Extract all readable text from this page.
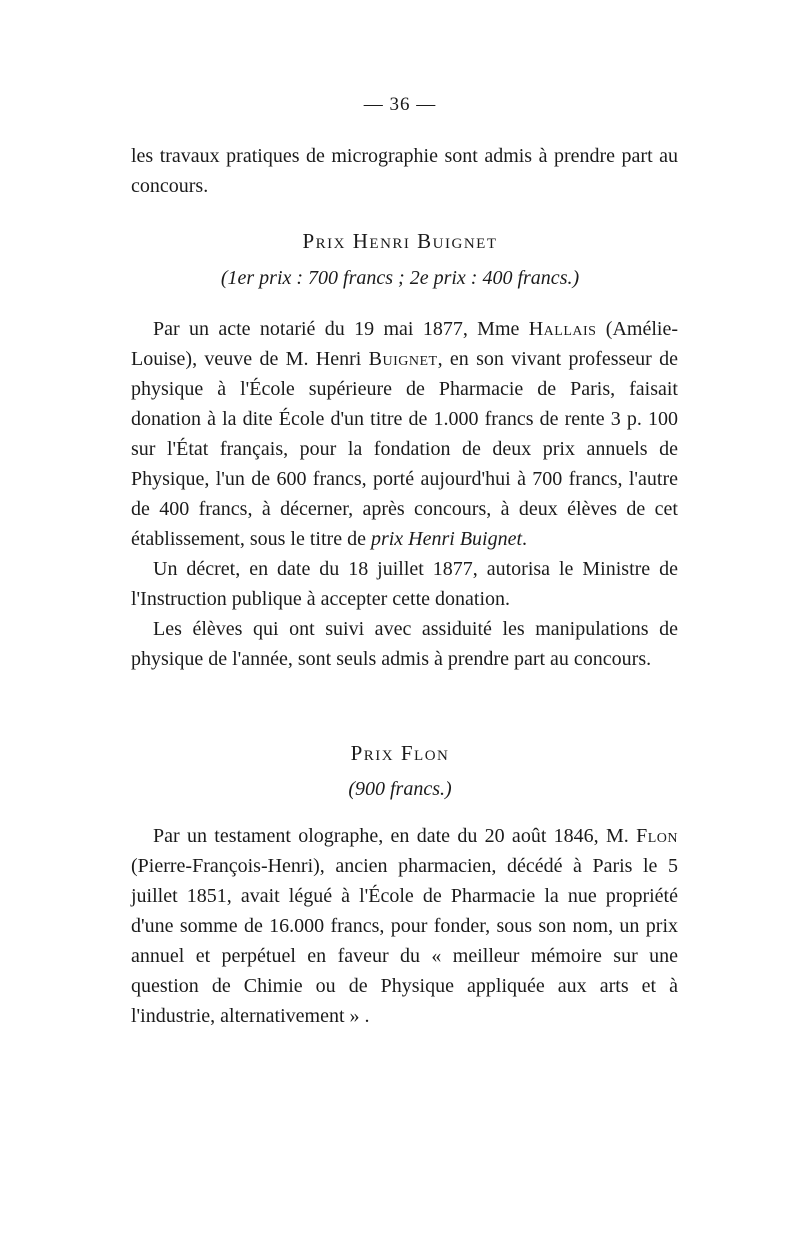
— 36 —

les travaux pratiques de micrographie sont admis à prendre part au concours.

Prix Henri Buignet
(1er prix : 700 francs ; 2e prix : 400 francs.)

Par un acte notarié du 19 mai 1877, Mme Hallais (Amélie-Louise), veuve de M. Henri Buignet, en son vivant professeur de physique à l'École supérieure de Pharmacie de Paris, faisait donation à la dite École d'un titre de 1.000 francs de rente 3 p. 100 sur l'État français, pour la fondation de deux prix annuels de Physique, l'un de 600 francs, porté aujourd'hui à 700 francs, l'autre de 400 francs, à décerner, après concours, à deux élèves de cet établissement, sous le titre de prix Henri Buignet.

Un décret, en date du 18 juillet 1877, autorisa le Ministre de l'Instruction publique à accepter cette donation.

Les élèves qui ont suivi avec assiduité les manipulations de physique de l'année, sont seuls admis à prendre part au concours.

Prix Flon
(900 francs.)

Par un testament olographe, en date du 20 août 1846, M. Flon (Pierre-François-Henri), ancien pharmacien, décédé à Paris le 5 juillet 1851, avait légué à l'École de Pharmacie la nue propriété d'une somme de 16.000 francs, pour fonder, sous son nom, un prix annuel et perpétuel en faveur du « meilleur mémoire sur une question de Chimie ou de Physique appliquée aux arts et à l'industrie, alternativement » .
